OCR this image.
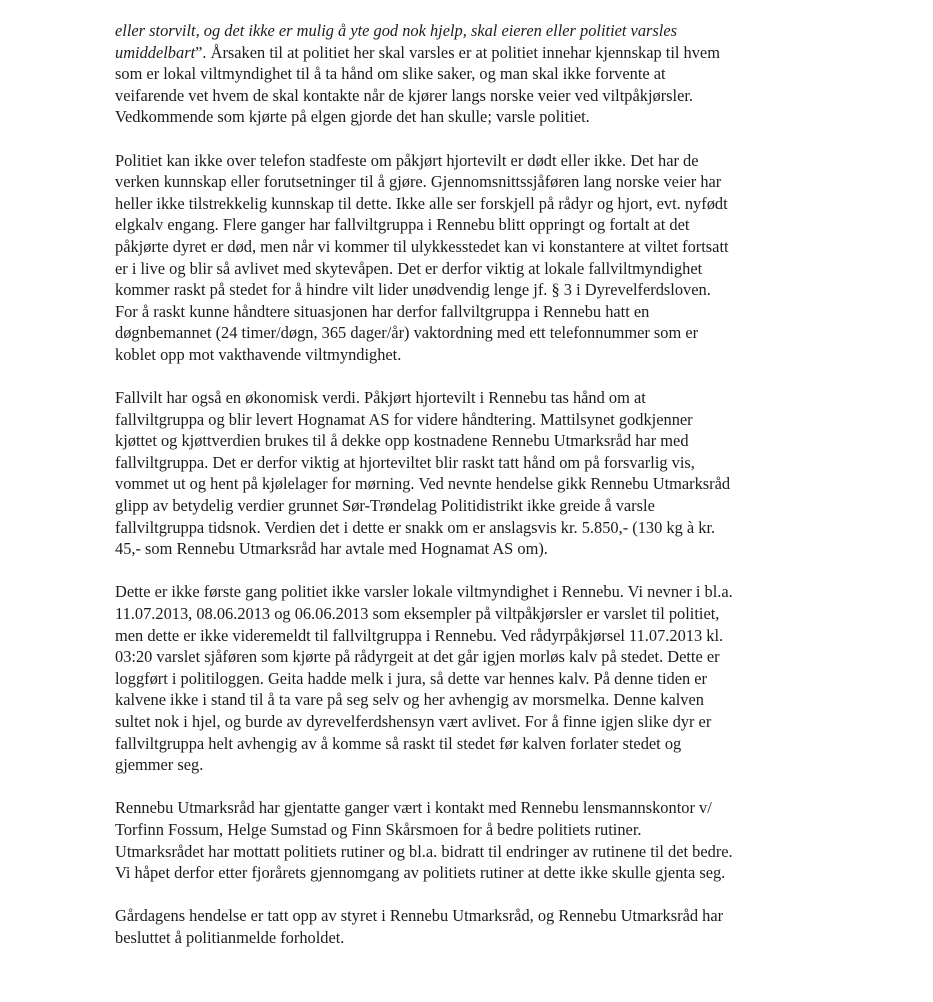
eller storvilt, og det ikke er mulig å yte god nok hjelp, skal eieren eller politiet varsles
umiddelbart”. Årsaken til at politiet her skal varsles er at politiet innehar kjennskap til hvem
som er lokal viltmyndighet til å ta hånd om slike saker, og man skal ikke forvente at
veifarende vet hvem de skal kontakte når de kjører langs norske veier ved viltpåkjørsler.
Vedkommende som kjørte på elgen gjorde det han skulle; varsle politiet.

Politiet kan ikke over telefon stadfeste om påkjørt hjortevilt er dødt eller ikke. Det har de
verken kunnskap eller forutsetninger til å gjøre. Gjennomsnittssjåføren lang norske veier har
heller ikke tilstrekkelig kunnskap til dette. Ikke alle ser forskjell på rådyr og hjort, evt. nyfødt
elgkalv engang. Flere ganger har fallviltgruppa i Rennebu blitt oppringt og fortalt at det
påkjørte dyret er død, men når vi kommer til ulykkesstedet kan vi konstantere at viltet fortsatt
er i live og blir så avlivet med skytevåpen. Det er derfor viktig at lokale fallviltmyndighet
kommer raskt på stedet for å hindre vilt lider unødvendig lenge jf. § 3 i Dyrevelferdsloven.
For å raskt kunne håndtere situasjonen har derfor fallviltgruppa i Rennebu hatt en
døgnbemannet (24 timer/døgn, 365 dager/år) vaktordning med ett telefonnummer som er
koblet opp mot vakthavende viltmyndighet.

Fallvilt har også en økonomisk verdi. Påkjørt hjortevilt i Rennebu tas hånd om at
fallviltgruppa og blir levert Hognamat AS for videre håndtering. Mattilsynet godkjenner
kjøttet og kjøttverdien brukes til å dekke opp kostnadene Rennebu Utmarksråd har med
fallviltgruppa. Det er derfor viktig at hjorteviltet blir raskt tatt hånd om på forsvarlig vis,
vommet ut og hent på kjølelager for mørning. Ved nevnte hendelse gikk Rennebu Utmarksråd
glipp av betydelig verdier grunnet Sør-Trøndelag Politidistrikt ikke greide å varsle
fallviltgruppa tidsnok. Verdien det i dette er snakk om er anslagsvis kr. 5.850,- (130 kg à kr.
45,- som Rennebu Utmarksråd har avtale med Hognamat AS om).

Dette er ikke første gang politiet ikke varsler lokale viltmyndighet i Rennebu. Vi nevner i bl.a.
11.07.2013, 08.06.2013 og 06.06.2013 som eksempler på viltpåkjørsler er varslet til politiet,
men dette er ikke videremeldt til fallviltgruppa i Rennebu. Ved rådyrpåkjørsel 11.07.2013 kl.
03:20 varslet sjåføren som kjørte på rådyrgeit at det går igjen morløs kalv på stedet. Dette er
loggført i politiloggen. Geita hadde melk i jura, så dette var hennes kalv. På denne tiden er
kalvene ikke i stand til å ta vare på seg selv og her avhengig av morsmelka. Denne kalven
sultet nok i hjel, og burde av dyrevelferdshensyn vært avlivet. For å finne igjen slike dyr er
fallviltgruppa helt avhengig av å komme så raskt til stedet før kalven forlater stedet og
gjemmer seg.

Rennebu Utmarksråd har gjentatte ganger vært i kontakt med Rennebu lensmannskontor v/
Torfinn Fossum, Helge Sumstad og Finn Skårsmoen for å bedre politiets rutiner.
Utmarksrådet har mottatt politiets rutiner og bl.a. bidratt til endringer av rutinene til det bedre.
Vi håpet derfor etter fjorårets gjennomgang av politiets rutiner at dette ikke skulle gjenta seg.

Gårdagens hendelse er tatt opp av styret i Rennebu Utmarksråd, og Rennebu Utmarksråd har
besluttet å politianmelde forholdet.
